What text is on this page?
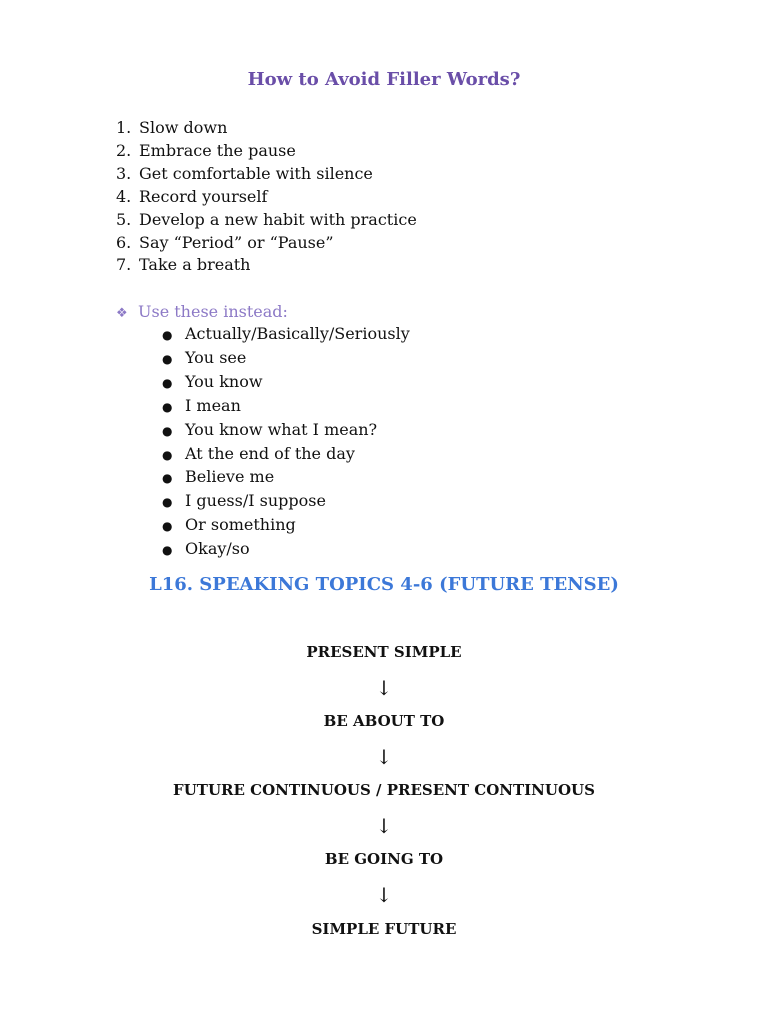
How to Avoid Filler Words?
1. Slow down
2. Embrace the pause
3. Get comfortable with silence
4. Record yourself
5. Develop a new habit with practice
6. Say “Period” or “Pause”
7. Take a breath
❖ Use these instead:
● Actually/Basically/Seriously
● You see
● You know
● I mean
● You know what I mean?
● At the end of the day
● Believe me
● I guess/I suppose
● Or something
● Okay/so
L16. SPEAKING TOPICS 4-6 (FUTURE TENSE)
PRESENT SIMPLE
↓
BE ABOUT TO
↓
FUTURE CONTINUOUS / PRESENT CONTINUOUS
↓
BE GOING TO
↓
SIMPLE FUTURE
